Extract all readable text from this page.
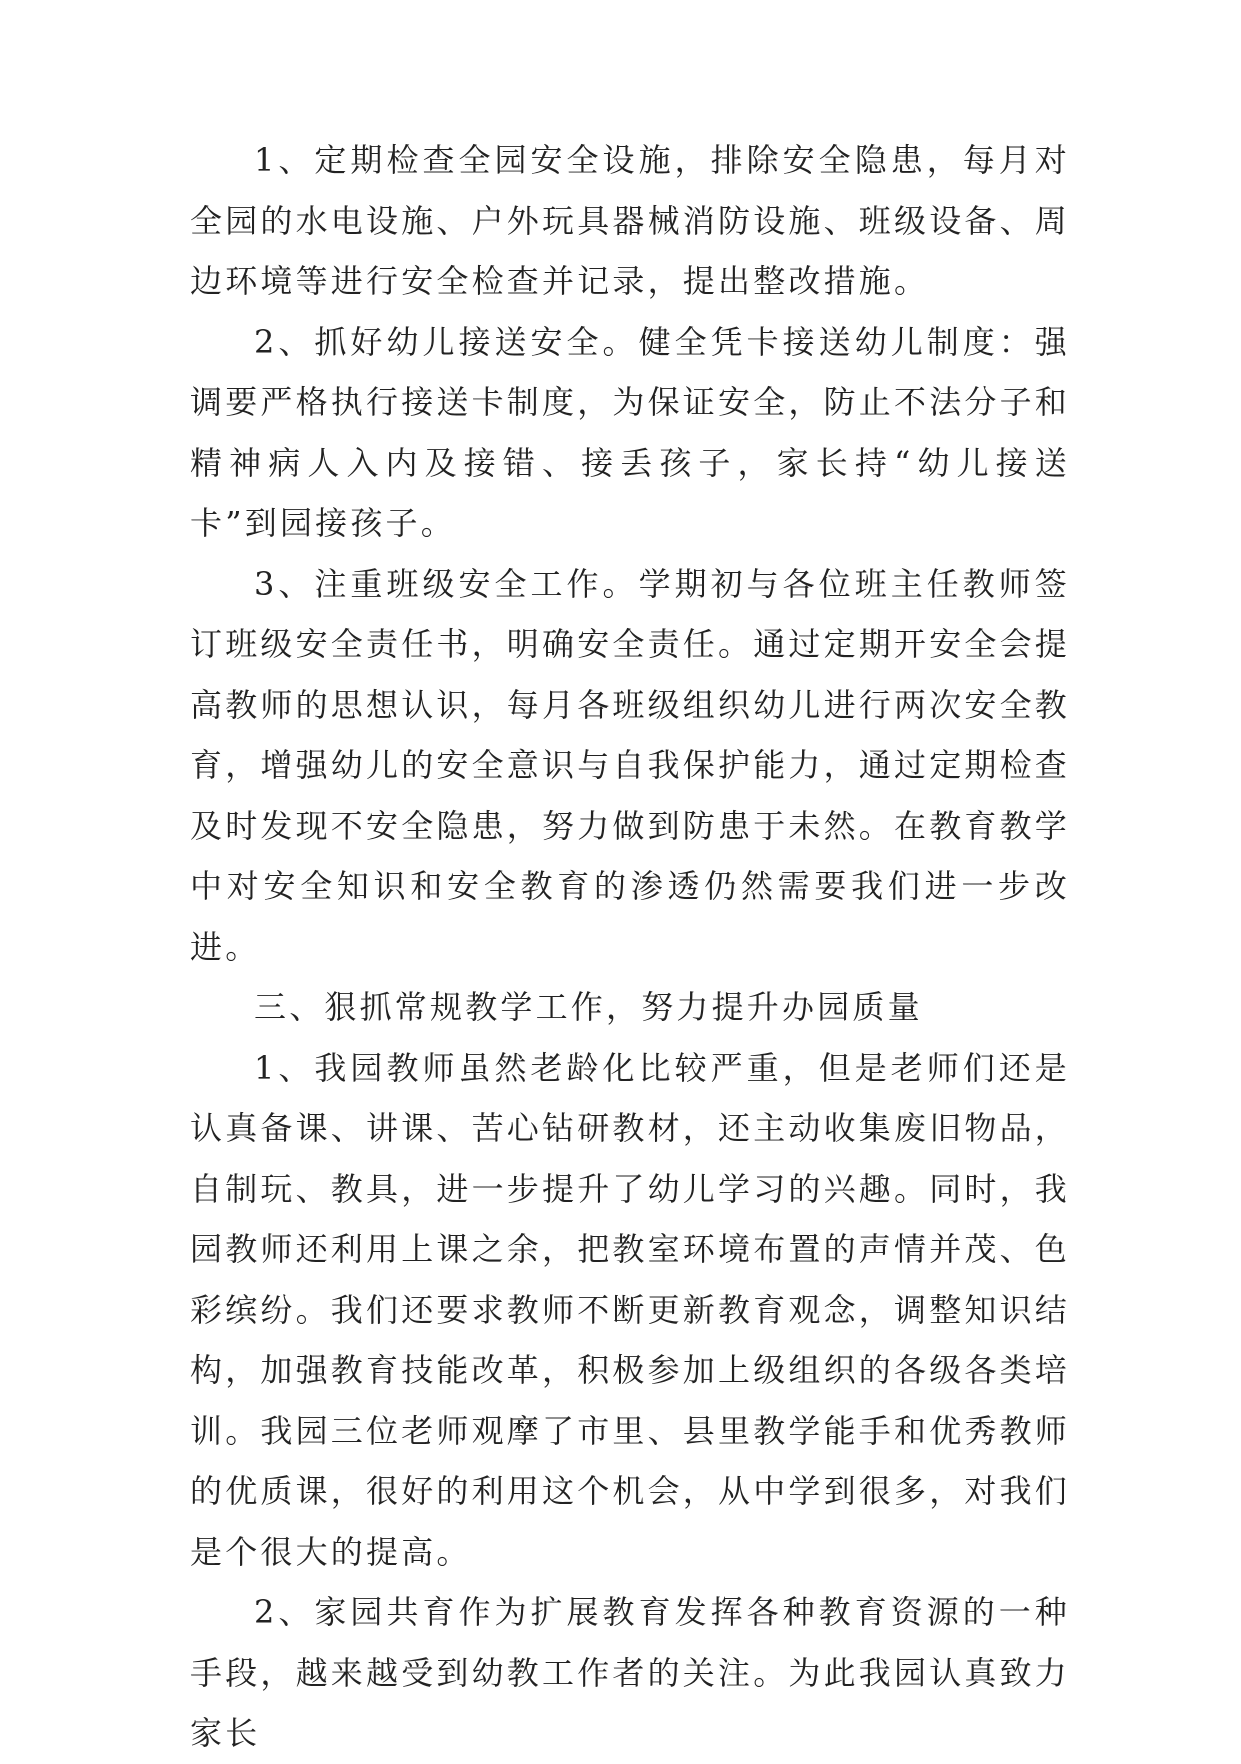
1、定期检查全园安全设施，排除安全隐患，每月对全园的水电设施、户外玩具器械消防设施、班级设备、周边环境等进行安全检查并记录，提出整改措施。

2、抓好幼儿接送安全。健全凭卡接送幼儿制度：强调要严格执行接送卡制度，为保证安全，防止不法分子和精神病人入内及接错、接丢孩子，家长持“幼儿接送卡”到园接孩子。

3、注重班级安全工作。学期初与各位班主任教师签订班级安全责任书，明确安全责任。通过定期开安全会提高教师的思想认识，每月各班级组织幼儿进行两次安全教育，增强幼儿的安全意识与自我保护能力，通过定期检查及时发现不安全隐患，努力做到防患于未然。在教育教学中对安全知识和安全教育的渗透仍然需要我们进一步改进。

三、狠抓常规教学工作，努力提升办园质量

1、我园教师虽然老龄化比较严重，但是老师们还是认真备课、讲课、苦心钻研教材，还主动收集废旧物品，自制玩、教具，进一步提升了幼儿学习的兴趣。同时，我园教师还利用上课之余，把教室环境布置的声情并茂、色彩缤纷。我们还要求教师不断更新教育观念，调整知识结构，加强教育技能改革，积极参加上级组织的各级各类培训。我园三位老师观摩了市里、县里教学能手和优秀教师的优质课，很好的利用这个机会，从中学到很多，对我们是个很大的提高。

2、家园共育作为扩展教育发挥各种教育资源的一种手段，越来越受到幼教工作者的关注。为此我园认真致力家长
